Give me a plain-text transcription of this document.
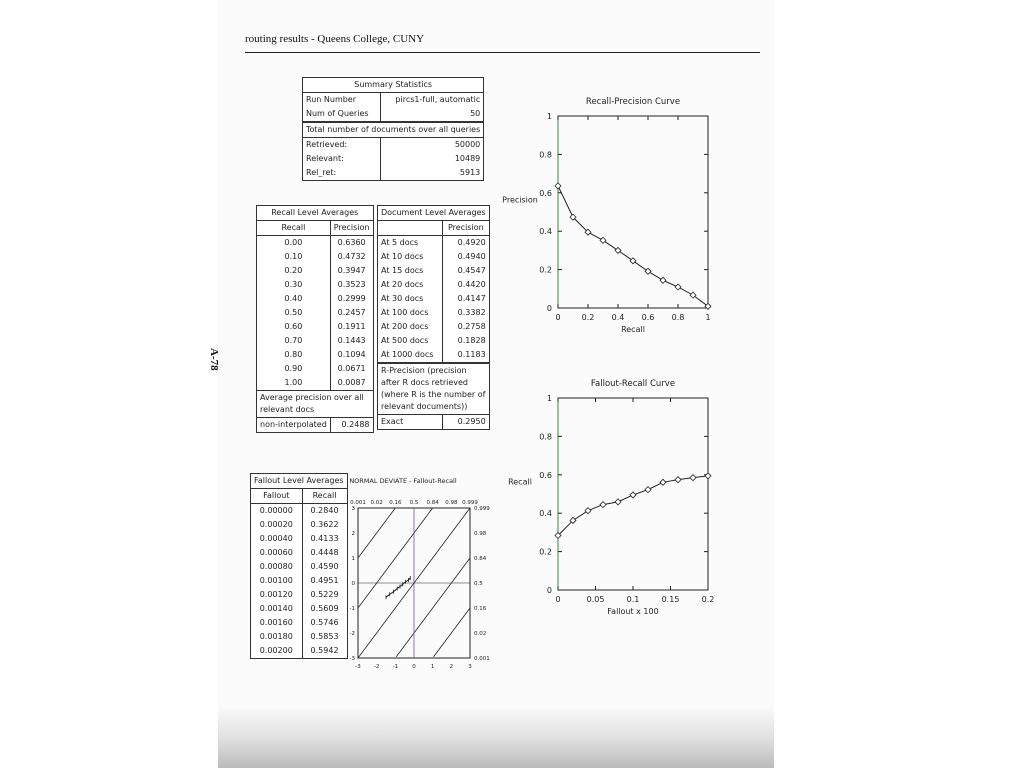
routing results - Queens College, CUNY
A-78
Summary Statistics	
Run Number	pircs1-full, automatic
Num of Queries	50
Total number of documents over all queries	
Retrieved:	50000
Relevant:	10489
Rel_ret:	5913
Recall Level Averages	
Recall	Precision
0.00	0.6360
0.10	0.4732
0.20	0.3947
0.30	0.3523
0.40	0.2999
0.50	0.2457
0.60	0.1911
0.70	0.1443
0.80	0.1094
0.90	0.0671
1.00	0.0087
Average precision over all relevant docs	
non-interpolated	0.2488
Document Level Averages	
	Precision
At 5 docs	0.4920
At 10 docs	0.4940
At 15 docs	0.4547
At 20 docs	0.4420
At 30 docs	0.4147
At 100 docs	0.3382
At 200 docs	0.2758
At 500 docs	0.1828
At 1000 docs	0.1183
R-Precision (precision after R docs retrieved (where R is the number of relevant documents))	
Exact	0.2950
Fallout Level Averages	
Fallout	Recall
0.00000	0.2840
0.00020	0.3622
0.00040	0.4133
0.00060	0.4448
0.00080	0.4590
0.00100	0.4951
0.00120	0.5229
0.00140	0.5609
0.00160	0.5746
0.00180	0.5853
0.00200	0.5942
Recall-Precision Curve
0	0.2 0.4 0.6 0.8	1
0
0.2
0.4
0.6
0.8
1
Recall
Precision
Fallout-Recall Curve
0	0.05	0.1	0.15	0.2
0
0.2
0.4
0.6
0.8
1
Fallout x 100
Recall
NORMAL DEVIATE - Fallout-Recall
0.001 0.02 0.16 0.5 0.84 0.98 0.999
0.999
0.98
0.84
0.5
0.16
0.02
0.001
-3
-2
-1
0
1
2
3
-3 -2 -1	0	1	2	3
